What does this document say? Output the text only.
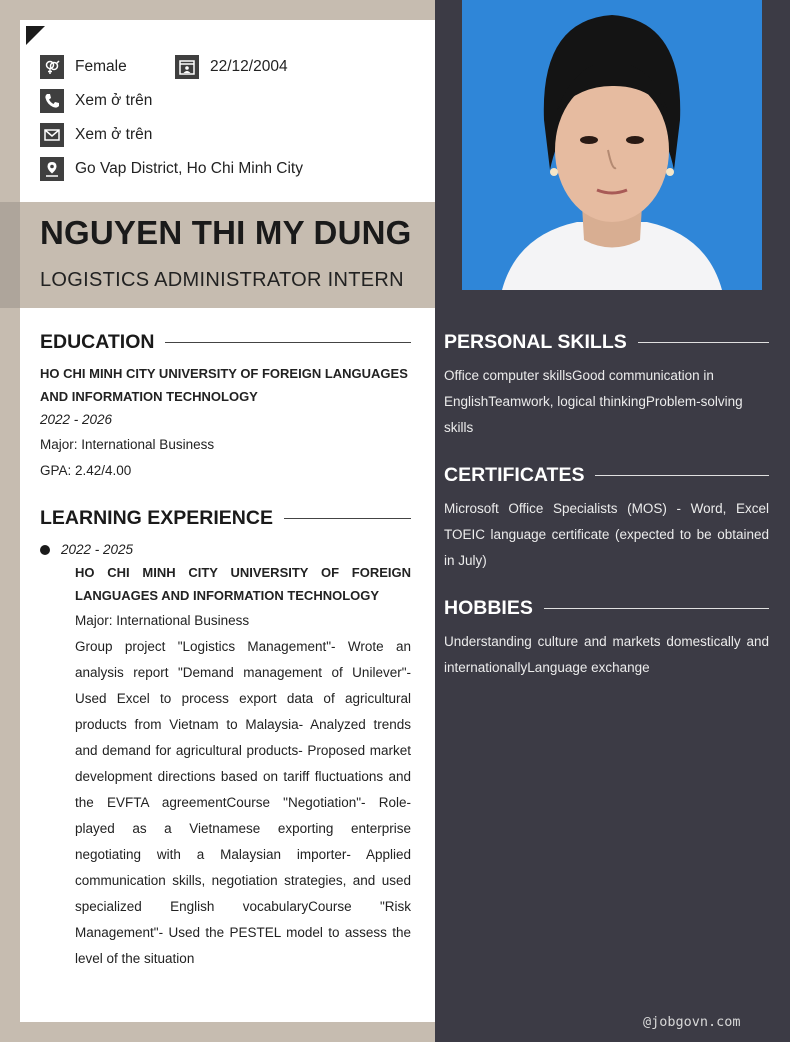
Female	22/12/2004
Xem ở trên
Xem ở trên
Go Vap District, Ho Chi Minh City
NGUYEN THI MY DUNG
LOGISTICS ADMINISTRATOR INTERN
EDUCATION
HO CHI MINH CITY UNIVERSITY OF FOREIGN LANGUAGES AND INFORMATION TECHNOLOGY
2022 - 2026
Major: International Business
GPA: 2.42/4.00
LEARNING EXPERIENCE
2022 - 2025
HO CHI MINH CITY UNIVERSITY OF FOREIGN LANGUAGES AND INFORMATION TECHNOLOGY
Major: International Business
Group project "Logistics Management"- Wrote an analysis report "Demand management of Unilever"- Used Excel to process export data of agricultural products from Vietnam to Malaysia- Analyzed trends and demand for agricultural products- Proposed market development directions based on tariff fluctuations and the EVFTA agreementCourse "Negotiation"- Role-played as a Vietnamese exporting enterprise negotiating with a Malaysian importer- Applied communication skills, negotiation strategies, and used specialized English vocabularyCourse "Risk Management"- Used the PESTEL model to assess the level of the situation
PERSONAL SKILLS
Office computer skillsGood communication in EnglishTeamwork, logical thinkingProblem-solving skills
CERTIFICATES
Microsoft Office Specialists (MOS) - Word, Excel TOEIC language certificate (expected to be obtained in July)
HOBBIES
Understanding culture and markets domestically and internationallyLanguage exchange
@jobgovn.com
